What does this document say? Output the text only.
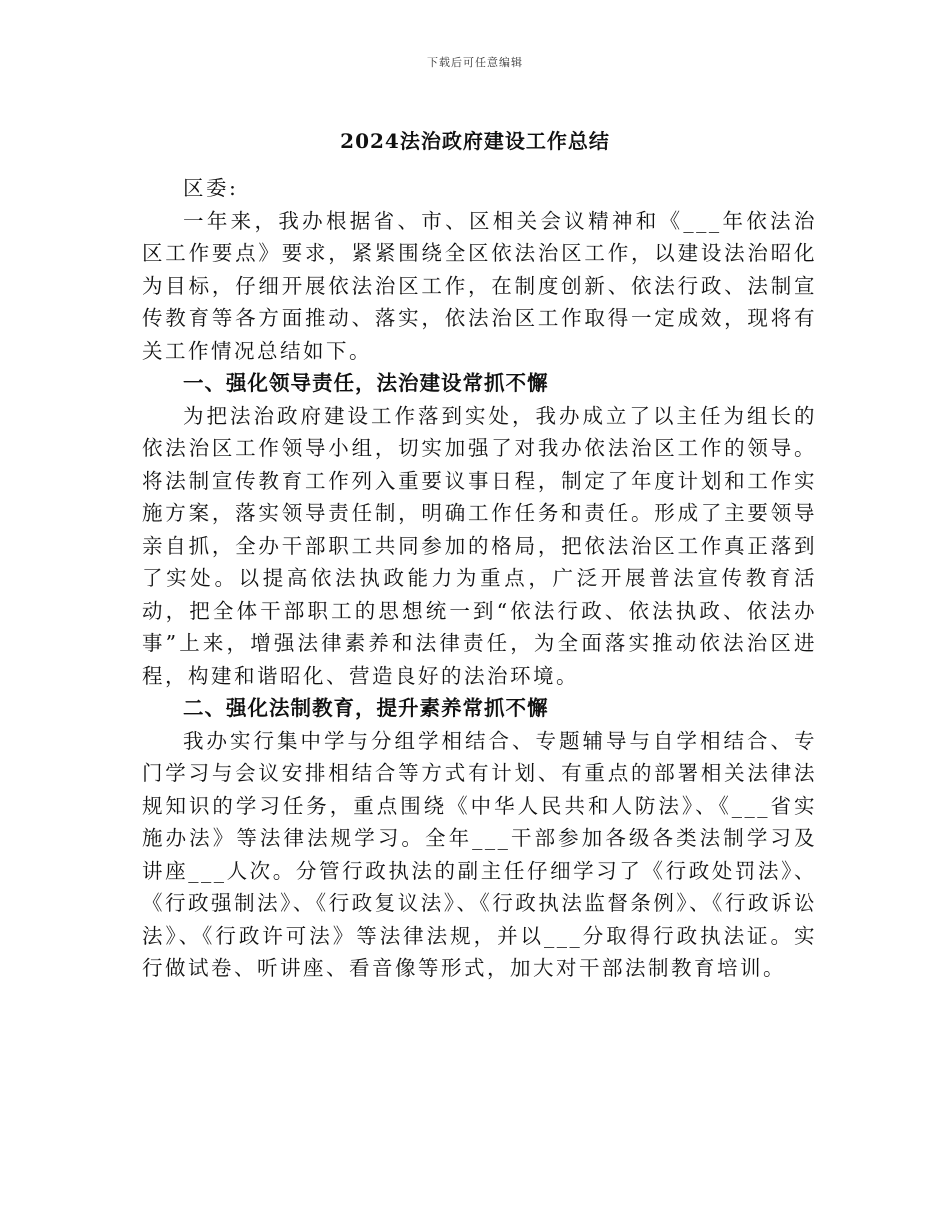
下载后可任意编辑
2024法治政府建设工作总结

区委:

一年来，我办根据省、市、区相关会议精神和《___年依法治区工作要点》要求，紧紧围绕全区依法治区工作，以建设法治昭化为目标，仔细开展依法治区工作，在制度创新、依法行政、法制宣传教育等各方面推动、落实，依法治区工作取得一定成效，现将有关工作情况总结如下。

一、强化领导责任，法治建设常抓不懈

为把法治政府建设工作落到实处，我办成立了以主任为组长的依法治区工作领导小组，切实加强了对我办依法治区工作的领导。将法制宣传教育工作列入重要议事日程，制定了年度计划和工作实施方案，落实领导责任制，明确工作任务和责任。形成了主要领导亲自抓，全办干部职工共同参加的格局，把依法治区工作真正落到了实处。以提高依法执政能力为重点，广泛开展普法宣传教育活动，把全体干部职工的思想统一到“依法行政、依法执政、依法办事”上来，增强法律素养和法律责任，为全面落实推动依法治区进程，构建和谐昭化、营造良好的法治环境。

二、强化法制教育，提升素养常抓不懈

我办实行集中学与分组学相结合、专题辅导与自学相结合、专门学习与会议安排相结合等方式有计划、有重点的部署相关法律法规知识的学习任务，重点围绕《中华人民共和人防法》、《___省实施办法》等法律法规学习。全年___干部参加各级各类法制学习及讲座___人次。分管行政执法的副主任仔细学习了《行政处罚法》、《行政强制法》、《行政复议法》、《行政执法监督条例》、《行政诉讼法》、《行政许可法》等法律法规，并以___分取得行政执法证。实行做试卷、听讲座、看音像等形式，加大对干部法制教育培训。
